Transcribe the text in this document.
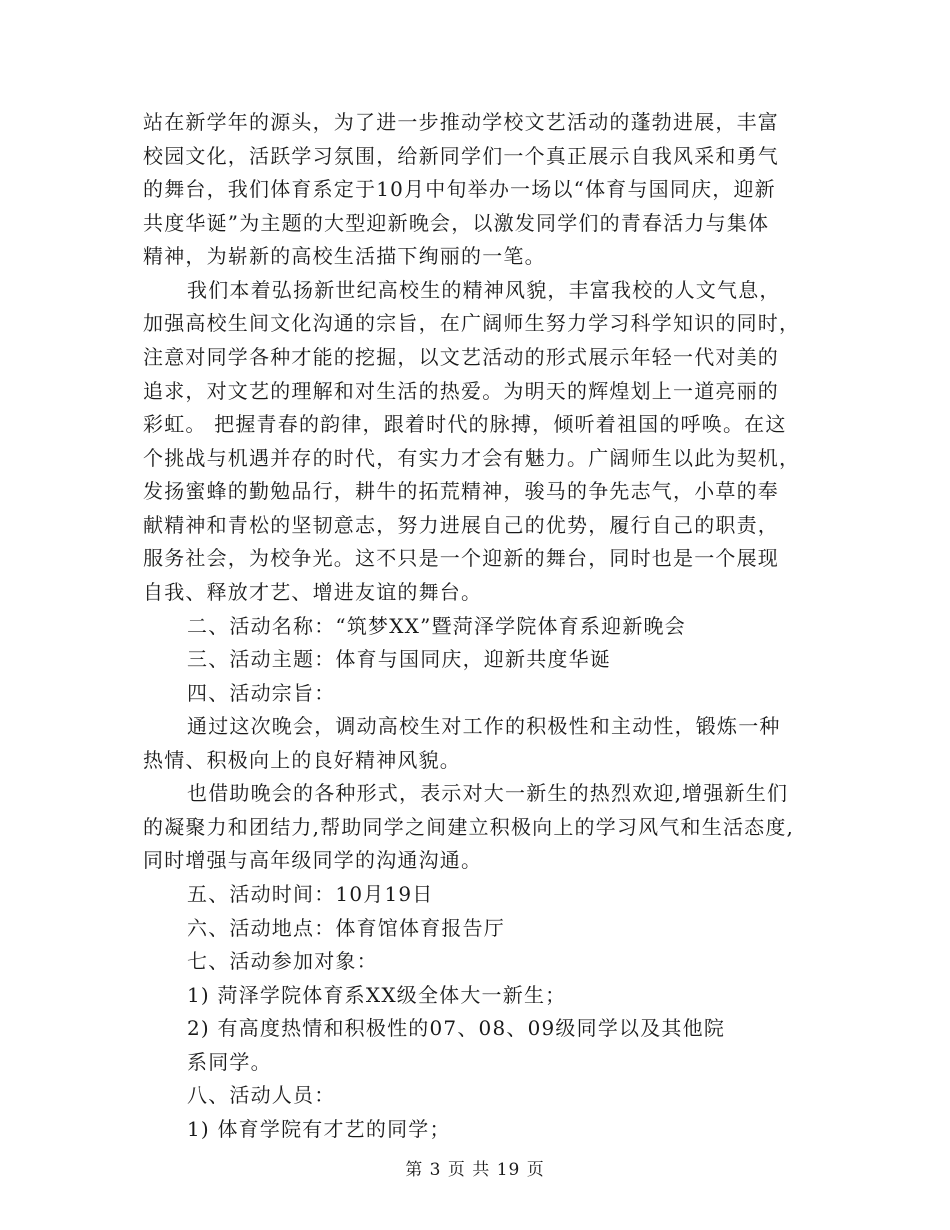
站在新学年的源头，为了进一步推动学校文艺活动的蓬勃进展，丰富
校园文化，活跃学习氛围，给新同学们一个真正展示自我风采和勇气
的舞台，我们体育系定于10月中旬举办一场以“体育与国同庆，迎新
共度华诞”为主题的大型迎新晚会，以激发同学们的青春活力与集体
精神，为崭新的高校生活描下绚丽的一笔。
我们本着弘扬新世纪高校生的精神风貌，丰富我校的人文气息，
加强高校生间文化沟通的宗旨，在广阔师生努力学习科学知识的同时，
注意对同学各种才能的挖掘，以文艺活动的形式展示年轻一代对美的
追求，对文艺的理解和对生活的热爱。为明天的辉煌划上一道亮丽的
彩虹。 把握青春的韵律，跟着时代的脉搏，倾听着祖国的呼唤。在这
个挑战与机遇并存的时代，有实力才会有魅力。广阔师生以此为契机，
发扬蜜蜂的勤勉品行，耕牛的拓荒精神，骏马的争先志气，小草的奉
献精神和青松的坚韧意志，努力进展自己的优势，履行自己的职责，
服务社会，为校争光。这不只是一个迎新的舞台，同时也是一个展现
自我、释放才艺、增进友谊的舞台。
二、活动名称：“筑梦XX”暨菏泽学院体育系迎新晚会
三、活动主题：体育与国同庆，迎新共度华诞
四、活动宗旨：
通过这次晚会，调动高校生对工作的积极性和主动性，锻炼一种
热情、积极向上的良好精神风貌。
也借助晚会的各种形式，表示对大一新生的热烈欢迎,增强新生们
的凝聚力和团结力,帮助同学之间建立积极向上的学习风气和生活态度,
同时增强与高年级同学的沟通沟通。
五、活动时间：10月19日
六、活动地点：体育馆体育报告厅
七、活动参加对象：
1) 菏泽学院体育系XX级全体大一新生；
2) 有高度热情和积极性的07、08、09级同学以及其他院
系同学。
八、活动人员：
1) 体育学院有才艺的同学；
第 3 页 共 19 页
